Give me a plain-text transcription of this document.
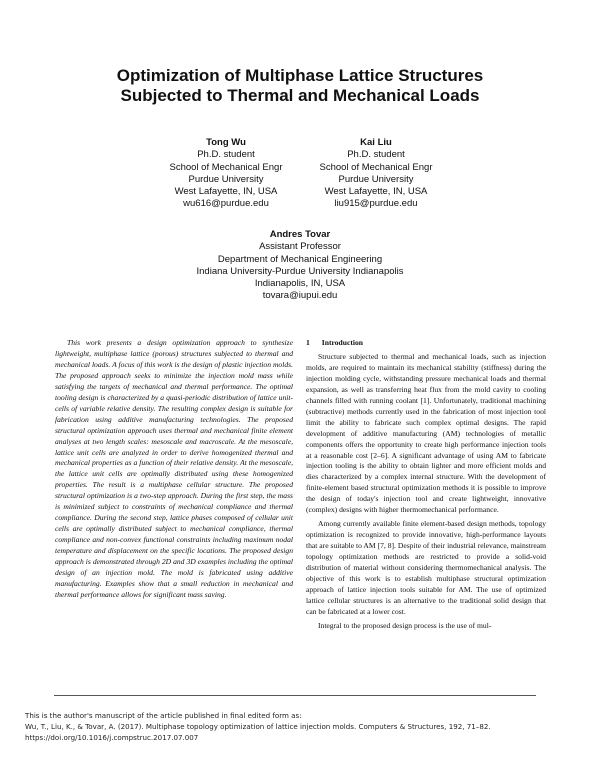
Optimization of Multiphase Lattice Structures
Subjected to Thermal and Mechanical Loads
Tong Wu
Ph.D. student
School of Mechanical Engr
Purdue University
West Lafayette, IN, USA
wu616@purdue.edu
Kai Liu
Ph.D. student
School of Mechanical Engr
Purdue University
West Lafayette, IN, USA
liu915@purdue.edu
Andres Tovar
Assistant Professor
Department of Mechanical Engineering
Indiana University-Purdue University Indianapolis
Indianapolis, IN, USA
tovara@iupui.edu
This work presents a design optimization approach to synthesize lightweight, multiphase lattice (porous) structures subjected to thermal and mechanical loads. A focus of this work is the design of plastic injection molds. The proposed approach seeks to minimize the injection mold mass while satisfying the targets of mechanical and thermal performance. The optimal tooling design is characterized by a quasi-periodic distribution of lattice unit-cells of variable relative density. The resulting complex design is suitable for fabrication using additive manufacturing technologies. The proposed structural optimization approach uses thermal and mechanical finite element analyses at two length scales: mesoscale and macroscale. At the mesoscale, lattice unit cells are analyzed in order to derive homogenized thermal and mechanical properties as a function of their relative density. At the mesoscale, the lattice unit cells are optimally distributed using these homogenized properties. The result is a multiphase cellular structure. The proposed structural optimization is a two-step approach. During the first step, the mass is minimized subject to constraints of mechanical compliance and thermal compliance. During the second step, lattice phases composed of cellular unit cells are optimally distributed subject to mechanical compliance, thermal compliance and non-convex functional constraints including maximum nodal temperature and displacement on the specific locations. The proposed design approach is demonstrated through 2D and 3D examples including the optimal design of an injection mold. The mold is fabricated using additive manufacturing. Examples show that a small reduction in mechanical and thermal performance allows for significant mass saving.
1 Introduction

Structure subjected to thermal and mechanical loads, such as injection molds, are required to maintain its mechanical stability (stiffness) during the injection molding cycle, withstanding pressure mechanical loads and thermal expansion, as well as transferring heat flux from the mold cavity to cooling channels filled with running coolant [1]. Unfortunately, traditional machining (subtractive) methods currently used in the fabrication of most injection tool limit the ability to fabricate such complex optimal designs. The rapid development of additive manufacturing (AM) technologies of metallic components offers the opportunity to create high performance injection tools at a reasonable cost [2–6]. A significant advantage of using AM to fabricate injection tooling is the ability to obtain lighter and more efficient molds and dies characterized by a complex internal structure. With the development of finite-element based structural optimization methods it is possible to improve the design of today's injection tool and create lightweight, innovative (complex) designs with higher thermomechanical performance.

Among currently available finite element-based design methods, topology optimization is recognized to provide innovative, high-performance layouts that are suitable to AM [7, 8]. Despite of their industrial relevance, mainstream topology optimization methods are restricted to provide a solid-void distribution of material without considering thermomechanical analysis. The objective of this work is to establish multiphase structural optimization approach of lattice injection tools suitable for AM. The use of optimized lattice cellular structures is an alternative to the traditional solid design that can be fabricated at a lower cost.

Integral to the proposed design process is the use of mul-

This is the author's manuscript of the article published in final edited form as:
Wu, T., Liu, K., & Tovar, A. (2017). Multiphase topology optimization of lattice injection molds. Computers & Structures, 192, 71–82.
https://doi.org/10.1016/j.compstruc.2017.07.007
